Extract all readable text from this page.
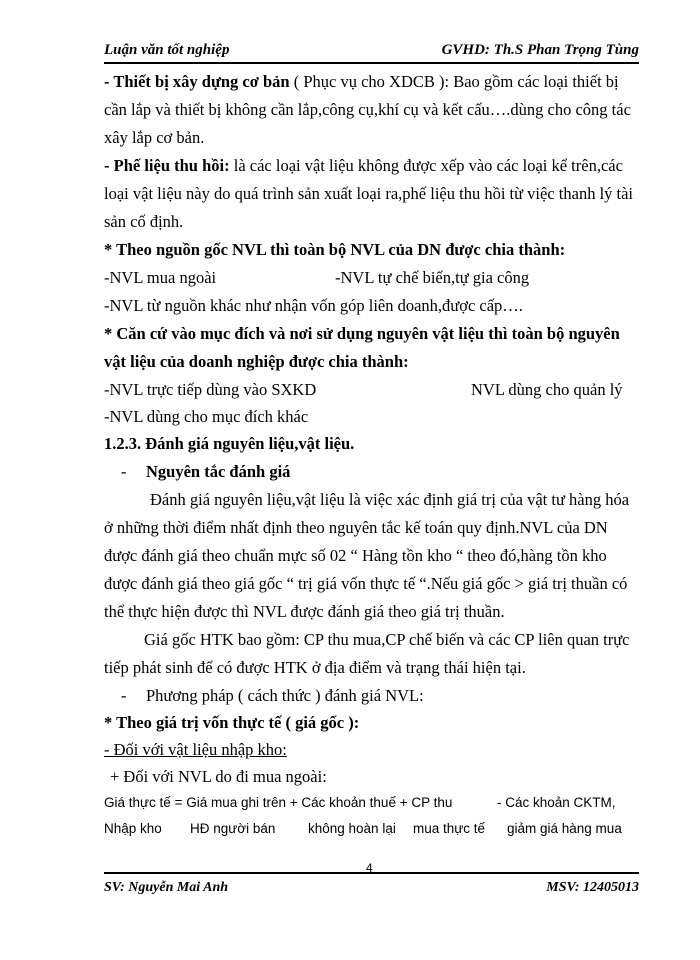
Luận văn tốt nghiệp	GVHD: Th.S Phan Trọng Tùng
- Thiết bị xây dựng cơ bản ( Phục vụ cho XDCB ): Bao gồm các loại thiết bị
cần lắp và thiết bị không cần lắp,công cụ,khí cụ và kết cấu….dùng cho công tác
xây lắp cơ bản.
- Phế liệu thu hồi: là các loại vật liệu không được xếp vào các loại kể trên,các
loại vật liệu này do quá trình sản xuất loại ra,phế liệu thu hồi từ việc thanh lý tài
sản cố định.
* Theo nguồn gốc NVL thì toàn bộ NVL của DN được chia thành:
-NVL mua ngoài	-NVL tự chế biến,tự gia công
-NVL từ nguồn khác như nhận vốn góp liên doanh,được cấp….
* Căn cứ vào mục đích và nơi sử dụng nguyên vật liệu thì toàn bộ nguyên
vật liệu của doanh nghiệp được chia thành:
-NVL trực tiếp dùng vào SXKD	NVL dùng cho quản lý
-NVL dùng cho mục đích khác
1.2.3. Đánh giá nguyên liệu,vật liệu.
- Nguyên tắc đánh giá
Đánh giá nguyên liệu,vật liệu là việc xác định giá trị của vật tư hàng hóa
ở những thời điểm nhất định theo nguyên tắc kế toán quy định.NVL của DN
được đánh giá theo chuẩn mực số 02 “ Hàng tồn kho “ theo đó,hàng tồn kho
được đánh giá theo giá gốc “ trị giá vốn thực tế “.Nếu giá gốc > giá trị thuần có
thể thực hiện được thì NVL được đánh giá theo giá trị thuần.
Giá gốc HTK bao gồm: CP thu mua,CP chế biến và các CP liên quan trực
tiếp phát sinh để có được HTK ở địa điểm và trạng thái hiện tại.
- Phương pháp ( cách thức ) đánh giá NVL:
* Theo giá trị vốn thực tế ( giá gốc ):
- Đối với vật liệu nhập kho:
+ Đối với NVL do đi mua ngoài:
Giá thực tế = Giá mua ghi trên + Các khoản thuế + CP thu	- Các khoản CKTM,
Nhập kho HĐ người bán không hoàn lại mua thực tế giảm giá hàng mua
4
SV: Nguyễn Mai Anh	MSV: 12405013
